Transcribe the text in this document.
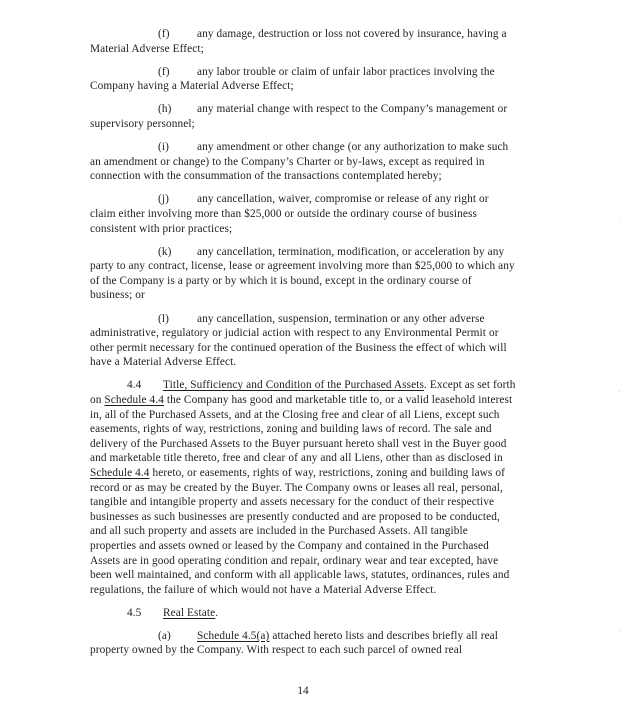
(f) any damage, destruction or loss not covered by insurance, having a Material Adverse Effect;

(f) any labor trouble or claim of unfair labor practices involving the Company having a Material Adverse Effect;

(h) any material change with respect to the Company’s management or supervisory personnel;

(i) any amendment or other change (or any authorization to make such an amendment or change) to the Company’s Charter or by-laws, except as required in connection with the consummation of the transactions contemplated hereby;

(j) any cancellation, waiver, compromise or release of any right or claim either involving more than $25,000 or outside the ordinary course of business consistent with prior practices;

(k) any cancellation, termination, modification, or acceleration by any party to any contract, license, lease or agreement involving more than $25,000 to which any of the Company is a party or by which it is bound, except in the ordinary course of business; or

(l) any cancellation, suspension, termination or any other adverse administrative, regulatory or judicial action with respect to any Environmental Permit or other permit necessary for the continued operation of the Business the effect of which will have a Material Adverse Effect.

4.4 Title, Sufficiency and Condition of the Purchased Assets. Except as set forth on Schedule 4.4 the Company has good and marketable title to, or a valid leasehold interest in, all of the Purchased Assets, and at the Closing free and clear of all Liens, except such easements, rights of way, restrictions, zoning and building laws of record. The sale and delivery of the Purchased Assets to the Buyer pursuant hereto shall vest in the Buyer good and marketable title thereto, free and clear of any and all Liens, other than as disclosed in Schedule 4.4 hereto, or easements, rights of way, restrictions, zoning and building laws of record or as may be created by the Buyer. The Company owns or leases all real, personal, tangible and intangible property and assets necessary for the conduct of their respective businesses as such businesses are presently conducted and are proposed to be conducted, and all such property and assets are included in the Purchased Assets. All tangible properties and assets owned or leased by the Company and contained in the Purchased Assets are in good operating condition and repair, ordinary wear and tear excepted, have been well maintained, and conform with all applicable laws, statutes, ordinances, rules and regulations, the failure of which would not have a Material Adverse Effect.

4.5 Real Estate.

(a) Schedule 4.5(a) attached hereto lists and describes briefly all real property owned by the Company. With respect to each such parcel of owned real

14
